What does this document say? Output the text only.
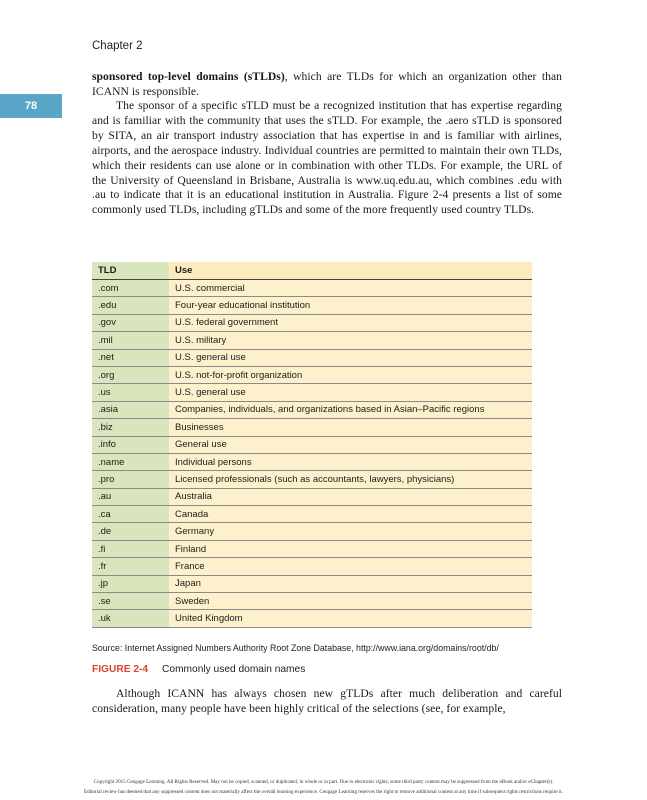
Chapter 2
78

sponsored top-level domains (sTLDs), which are TLDs for which an organization other than ICANN is responsible.

The sponsor of a specific sTLD must be a recognized institution that has expertise regarding and is familiar with the community that uses the sTLD. For example, the .aero sTLD is sponsored by SITA, an air transport industry association that has expertise in and is familiar with airlines, airports, and the aerospace industry. Individual countries are permitted to maintain their own TLDs, which their residents can use alone or in combination with other TLDs. For example, the URL of the University of Queensland in Brisbane, Australia is www.uq.edu.au, which combines .edu with .au to indicate that it is an educational institution in Australia. Figure 2-4 presents a list of some commonly used TLDs, including gTLDs and some of the more frequently used country TLDs.

TLD	Use
.com	U.S. commercial
.edu	Four-year educational institution
.gov	U.S. federal government
.mil	U.S. military
.net	U.S. general use
.org	U.S. not-for-profit organization
.us	U.S. general use
.asia	Companies, individuals, and organizations based in Asian–Pacific regions
.biz	Businesses
.info	General use
.name	Individual persons
.pro	Licensed professionals (such as accountants, lawyers, physicians)
.au	Australia
.ca	Canada
.de	Germany
.fi	Finland
.fr	France
.jp	Japan
.se	Sweden
.uk	United Kingdom
Source: Internet Assigned Numbers Authority Root Zone Database, http://www.iana.org/domains/root/db/
FIGURE 2-4 Commonly used domain names

Although ICANN has always chosen new gTLDs after much deliberation and careful consideration, many people have been highly critical of the selections (see, for example,

Copyright 2015 Cengage Learning. All Rights Reserved. May not be copied, scanned, or duplicated, in whole or in part. Due to electronic rights, some third party content may be suppressed from the eBook and/or eChapter(s).
Editorial review has deemed that any suppressed content does not materially affect the overall learning experience. Cengage Learning reserves the right to remove additional content at any time if subsequent rights restrictions require it.
